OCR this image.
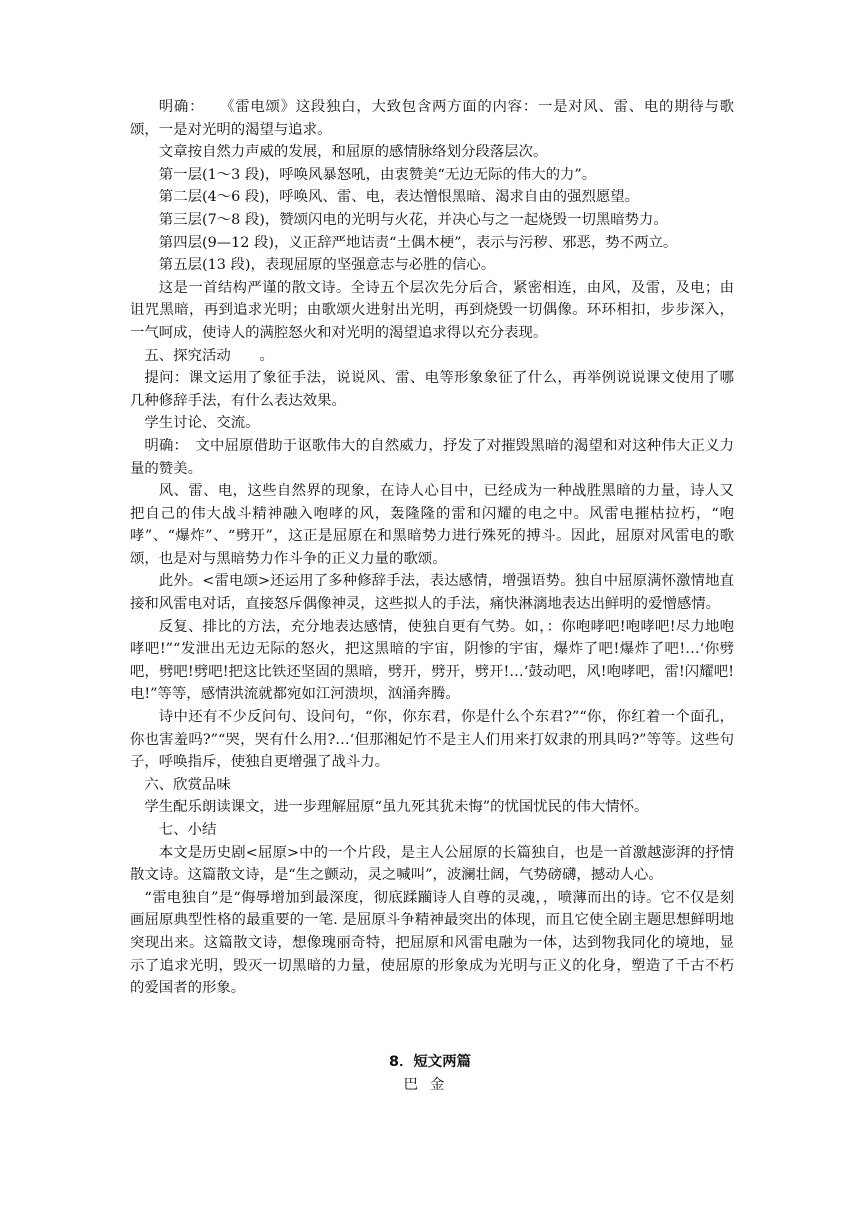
明确：　　《雷电颂》这段独白，大致包含两方面的内容：一是对风、雷、电的期待与歌颂，一是对光明的渴望与追求。

文章按自然力声威的发展，和屈原的感情脉络划分段落层次。

第一层(1～3 段)，呼唤风暴怒吼，由衷赞美“无边无际的伟大的力”。

第二层(4～6 段)，呼唤风、雷、电，表达憎恨黑暗、渴求自由的强烈愿望。

第三层(7～8 段)，赞颂闪电的光明与火花，并决心与之一起烧毁一切黑暗势力。

第四层(9—12 段)，义正辞严地诘责“土偶木梗”，表示与污秽、邪恶，势不两立。

第五层(13 段)，表现屈原的坚强意志与必胜的信心。

这是一首结构严谨的散文诗。全诗五个层次先分后合，紧密相连，由风，及雷，及电；由诅咒黑暗，再到追求光明；由歌颂火进射出光明，再到烧毁一切偶像。环环相扣，步步深入，一气呵成，使诗人的满腔怒火和对光明的渴望追求得以充分表现。

五、探究活动　　。

提问：课文运用了象征手法，说说风、雷、电等形象象征了什么，再举例说说课文使用了哪几种修辞手法，有什么表达效果。

学生讨论、交流。

明确：　文中屈原借助于讴歌伟大的自然威力，抒发了对摧毁黑暗的渴望和对这种伟大正义力量的赞美。

风、雷、电，这些自然界的现象，在诗人心目中，已经成为一种战胜黑暗的力量，诗人又把自己的伟大战斗精神融入咆哮的风，轰隆隆的雷和闪耀的电之中。风雷电摧枯拉朽，“咆哮”、“爆炸”、“劈开”，这正是屈原在和黑暗势力进行殊死的搏斗。因此，屈原对风雷电的歌颂，也是对与黑暗势力作斗争的正义力量的歌颂。

此外。<雷电颂>还运用了多种修辞手法，表达感情，增强语势。独自中屈原满怀激情地直接和风雷电对话，直接怒斥偶像神灵，这些拟人的手法，痛快淋漓地表达出鲜明的爱憎感情。

反复、排比的方法，充分地表达感情，使独自更有气势。如，：你咆哮吧!咆哮吧!尽力地咆哮吧!”“发泄出无边无际的怒火，把这黑暗的宇宙，阴惨的宇宙，爆炸了吧!爆炸了吧!…‘你劈吧，劈吧!劈吧!把这比铁还坚固的黑暗，劈开，劈开，劈开!…‘鼓动吧，风!咆哮吧，雷!闪耀吧!电!”等等，感情洪流就都宛如江河溃坝，汹涌奔腾。

诗中还有不少反问句、设问句，“你，你东君，你是什么个东君?”“你，你红着一个面孔，你也害羞吗?”“哭，哭有什么用?…‘但那湘妃竹不是主人们用来打奴隶的刑具吗?”等等。这些句子，呼唤指斥，使独自更增强了战斗力。

六、欣赏品味

学生配乐朗读课文，进一步理解屈原“虽九死其犹未悔”的忧国忧民的伟大情怀。

七、小结

本文是历史剧<屈原>中的一个片段，是主人公屈原的长篇独自，也是一首激越澎湃的抒情散文诗。这篇散文诗，是“生之颤动，灵之喊叫”，波澜壮阔，气势磅礴，撼动人心。

“雷电独自”是“侮辱增加到最深度，彻底蹂躏诗人自尊的灵魂，，喷薄而出的诗。它不仅是刻画屈原典型性格的最重要的一笔. 是屈原斗争精神最突出的体现，而且它使全剧主题思想鲜明地突现出来。这篇散文诗，想像瑰丽奇特，把屈原和风雷电融为一体，达到物我同化的境地，显示了追求光明，毁灭一切黑暗的力量，使屈原的形象成为光明与正义的化身，塑造了千古不朽的爱国者的形象。

8．短文两篇
巴金
